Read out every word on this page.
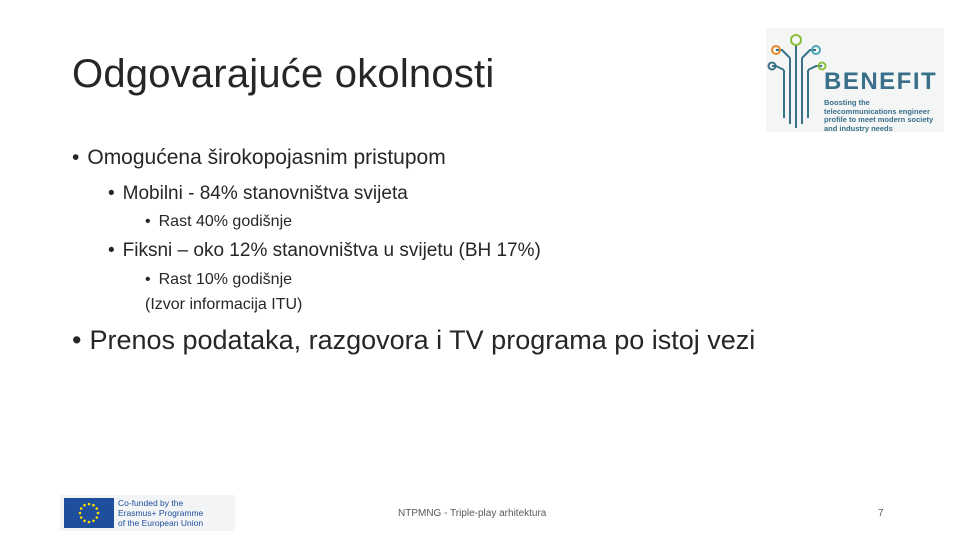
Odgovarajuće okolnosti	BENEFIT
Boosting the telecommunications engineer profile to meet modern society and industry needs
• Omogućena širokopojasnim pristupom
• Mobilni - 84% stanovništva svijeta
• Rast 40% godišnje
• Fiksni – oko 12% stanovništva u svijetu (BH 17%)
• Rast 10% godišnje
(Izvor informacija ITU)
• Prenos podataka, razgovora i TV programa po istoj vezi
Co-funded by the
Erasmus+ Programme
of the European Union
NTPMNG - Triple-play arhitektura	7
